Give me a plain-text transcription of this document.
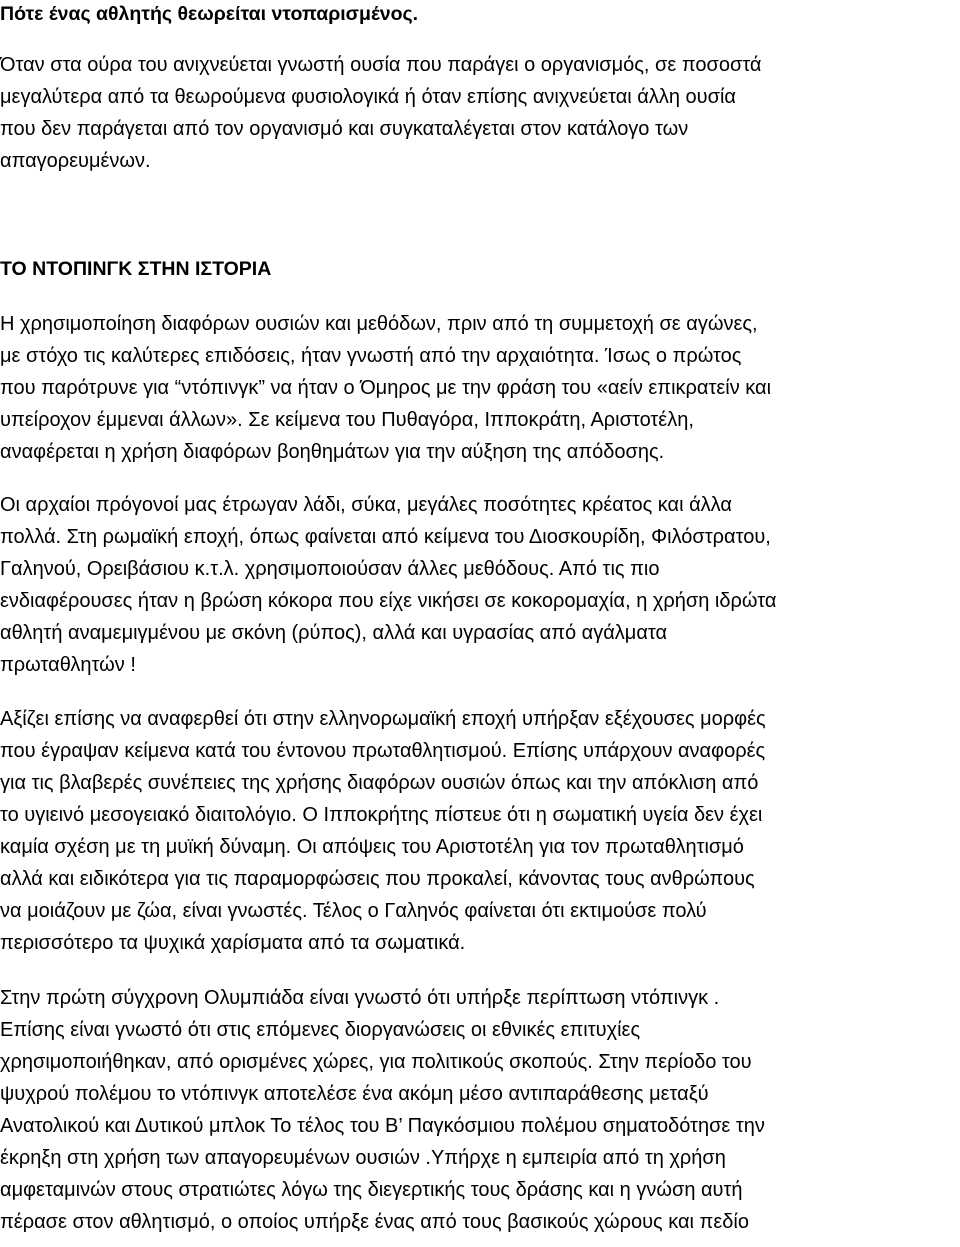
Πότε ένας αθλητής θεωρείται ντοπαρισμένος.
Όταν στα ούρα του ανιχνεύεται γνωστή ουσία που παράγει ο οργανισμός, σε ποσοστά
μεγαλύτερα από τα θεωρούμενα φυσιολογικά ή όταν επίσης ανιχνεύεται άλλη ουσία
που δεν παράγεται από τον οργανισμό και συγκαταλέγεται στον κατάλογο των
απαγορευμένων.
ΤΟ ΝΤΟΠΙΝΓΚ ΣΤΗΝ ΙΣΤΟΡΙΑ
Η χρησιμοποίηση διαφόρων ουσιών και μεθόδων, πριν από τη συμμετοχή σε αγώνες,
με στόχο τις καλύτερες επιδόσεις, ήταν γνωστή από την αρχαιότητα. Ίσως ο πρώτος
που παρότρυνε για “ντόπινγκ” να ήταν ο Όμηρος με την φράση του «αείν επικρατείν και
υπείροχον έμμεναι άλλων». Σε κείμενα του Πυθαγόρα, Ιπποκράτη, Αριστοτέλη,
αναφέρεται η χρήση διαφόρων βοηθημάτων για την αύξηση της απόδοσης.
Οι αρχαίοι πρόγονοί μας έτρωγαν λάδι, σύκα, μεγάλες ποσότητες κρέατος και άλλα
πολλά. Στη ρωμαϊκή εποχή, όπως φαίνεται από κείμενα του Διοσκουρίδη, Φιλόστρατου,
Γαληνού, Ορειβάσιου κ.τ.λ. χρησιμοποιούσαν άλλες μεθόδους. Από τις πιο
ενδιαφέρουσες ήταν η βρώση κόκορα που είχε νικήσει σε κοκορομαχία, η χρήση ιδρώτα
αθλητή αναμεμιγμένου με σκόνη (ρύπος), αλλά και υγρασίας από αγάλματα
πρωταθλητών !
Αξίζει επίσης να αναφερθεί ότι στην ελληνορωμαϊκή εποχή υπήρξαν εξέχουσες μορφές
που έγραψαν κείμενα κατά του έντονου πρωταθλητισμού. Επίσης υπάρχουν αναφορές
για τις βλαβερές συνέπειες της χρήσης διαφόρων ουσιών όπως και την απόκλιση από
το υγιεινό μεσογειακό διαιτολόγιο. Ο Ιπποκρήτης πίστευε ότι η σωματική υγεία δεν έχει
καμία σχέση με τη μυϊκή δύναμη. Οι απόψεις του Αριστοτέλη για τον πρωταθλητισμό
αλλά και ειδικότερα για τις παραμορφώσεις που προκαλεί, κάνοντας τους ανθρώπους
να μοιάζουν με ζώα, είναι γνωστές. Τέλος ο Γαληνός φαίνεται ότι εκτιμούσε πολύ
περισσότερο τα ψυχικά χαρίσματα από τα σωματικά.
Στην πρώτη σύγχρονη Ολυμπιάδα είναι γνωστό ότι υπήρξε περίπτωση ντόπινγκ .
Επίσης είναι γνωστό ότι στις επόμενες διοργανώσεις οι εθνικές επιτυχίες
χρησιμοποιήθηκαν, από ορισμένες χώρες, για πολιτικούς σκοπούς. Στην περίοδο του
ψυχρού πολέμου το ντόπινγκ αποτελέσε ένα ακόμη μέσο αντιπαράθεσης μεταξύ
Ανατολικού και Δυτικού μπλοκ Το τέλος του Β’ Παγκόσμιου πολέμου σηματοδότησε την
έκρηξη στη χρήση των απαγορευμένων ουσιών .Υπήρχε η εμπειρία από τη χρήση
αμφεταμινών στους στρατιώτες λόγω της διεγερτικής τους δράσης και η γνώση αυτή
πέρασε στον αθλητισμό, ο οποίος υπήρξε ένας από τους βασικούς χώρους και πεδίο
